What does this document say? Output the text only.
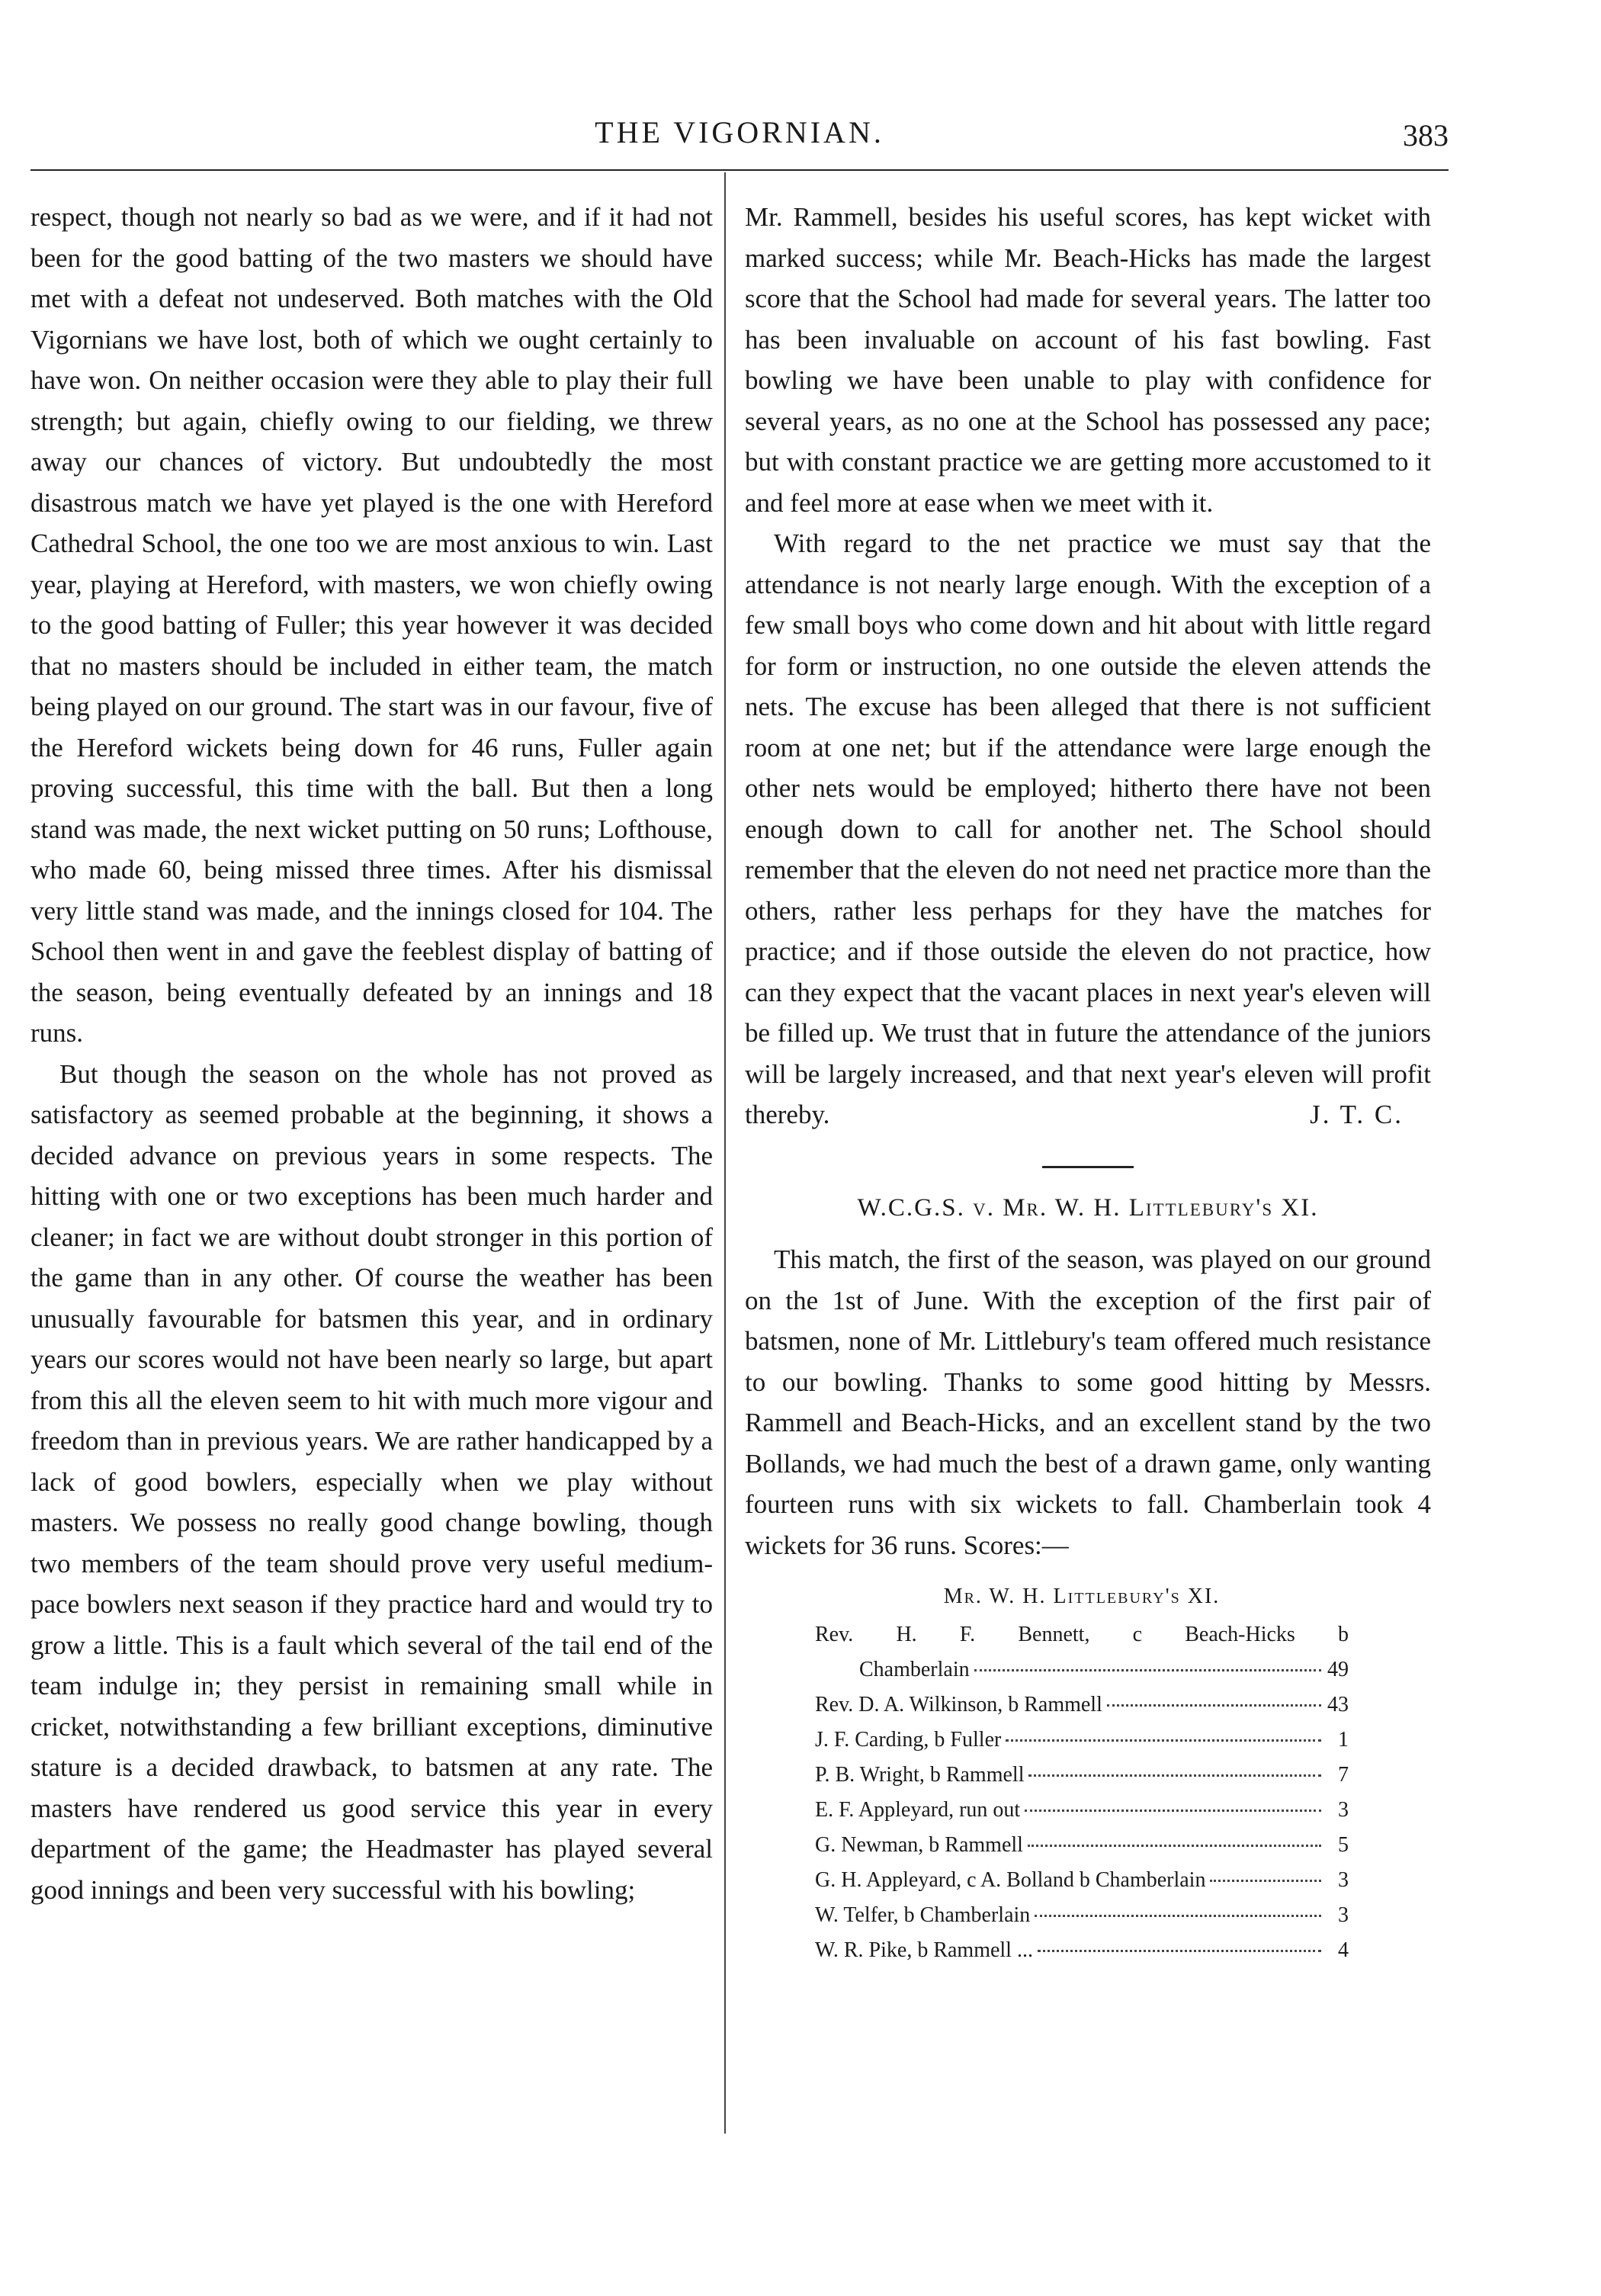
THE VIGORNIAN.	383

respect, though not nearly so bad as we were, and if it had not been for the good batting of the two masters we should have met with a defeat not undeserved. Both matches with the Old Vigornians we have lost, both of which we ought certainly to have won. On neither occasion were they able to play their full strength; but again, chiefly owing to our fielding, we threw away our chances of victory. But undoubtedly the most disastrous match we have yet played is the one with Hereford Cathedral School, the one too we are most anxious to win. Last year, playing at Hereford, with masters, we won chiefly owing to the good batting of Fuller; this year however it was decided that no masters should be included in either team, the match being played on our ground. The start was in our favour, five of the Hereford wickets being down for 46 runs, Fuller again proving successful, this time with the ball. But then a long stand was made, the next wicket putting on 50 runs; Lofthouse, who made 60, being missed three times. After his dismissal very little stand was made, and the innings closed for 104. The School then went in and gave the feeblest display of batting of the season, being eventually defeated by an innings and 18 runs.

But though the season on the whole has not proved as satisfactory as seemed probable at the beginning, it shows a decided advance on previous years in some respects. The hitting with one or two exceptions has been much harder and cleaner; in fact we are without doubt stronger in this portion of the game than in any other. Of course the weather has been unusually favourable for batsmen this year, and in ordinary years our scores would not have been nearly so large, but apart from this all the eleven seem to hit with much more vigour and freedom than in previous years. We are rather handicapped by a lack of good bowlers, especially when we play without masters. We possess no really good change bowling, though two members of the team should prove very useful medium-pace bowlers next season if they practice hard and would try to grow a little. This is a fault which several of the tail end of the team indulge in; they persist in remaining small while in cricket, notwithstanding a few brilliant exceptions, diminutive stature is a decided drawback, to batsmen at any rate. The masters have rendered us good service this year in every department of the game; the Headmaster has played several good innings and been very successful with his bowling;

Mr. Rammell, besides his useful scores, has kept wicket with marked success; while Mr. Beach-Hicks has made the largest score that the School had made for several years. The latter too has been invaluable on account of his fast bowling. Fast bowling we have been unable to play with confidence for several years, as no one at the School has possessed any pace; but with constant practice we are getting more accustomed to it and feel more at ease when we meet with it.

With regard to the net practice we must say that the attendance is not nearly large enough. With the exception of a few small boys who come down and hit about with little regard for form or instruction, no one outside the eleven attends the nets. The excuse has been alleged that there is not sufficient room at one net; but if the attendance were large enough the other nets would be employed; hitherto there have not been enough down to call for another net. The School should remember that the eleven do not need net practice more than the others, rather less perhaps for they have the matches for practice; and if those outside the eleven do not practice, how can they expect that the vacant places in next year's eleven will be filled up. We trust that in future the attendance of the juniors will be largely increased, and that next year's eleven will profit thereby.	J. T. C.

W.C.G.S. v. Mr. W. H. Littlebury's XI.

This match, the first of the season, was played on our ground on the 1st of June. With the exception of the first pair of batsmen, none of Mr. Littlebury's team offered much resistance to our bowling. Thanks to some good hitting by Messrs. Rammell and Beach-Hicks, and an excellent stand by the two Bollands, we had much the best of a drawn game, only wanting fourteen runs with six wickets to fall. Chamberlain took 4 wickets for 36 runs. Scores:—

Mr. W. H. Littlebury's XI.
Rev. H. F. Bennett, c Beach-Hicks b
Chamberlain	49
Rev. D. A. Wilkinson, b Rammell	43
J. F. Carding, b Fuller	1
P. B. Wright, b Rammell	7
E. F. Appleyard, run out	3
G. Newman, b Rammell	5
G. H. Appleyard, c A. Bolland b Chamberlain	3
W. Telfer, b Chamberlain	3
W. R. Pike, b Rammell ...	4
